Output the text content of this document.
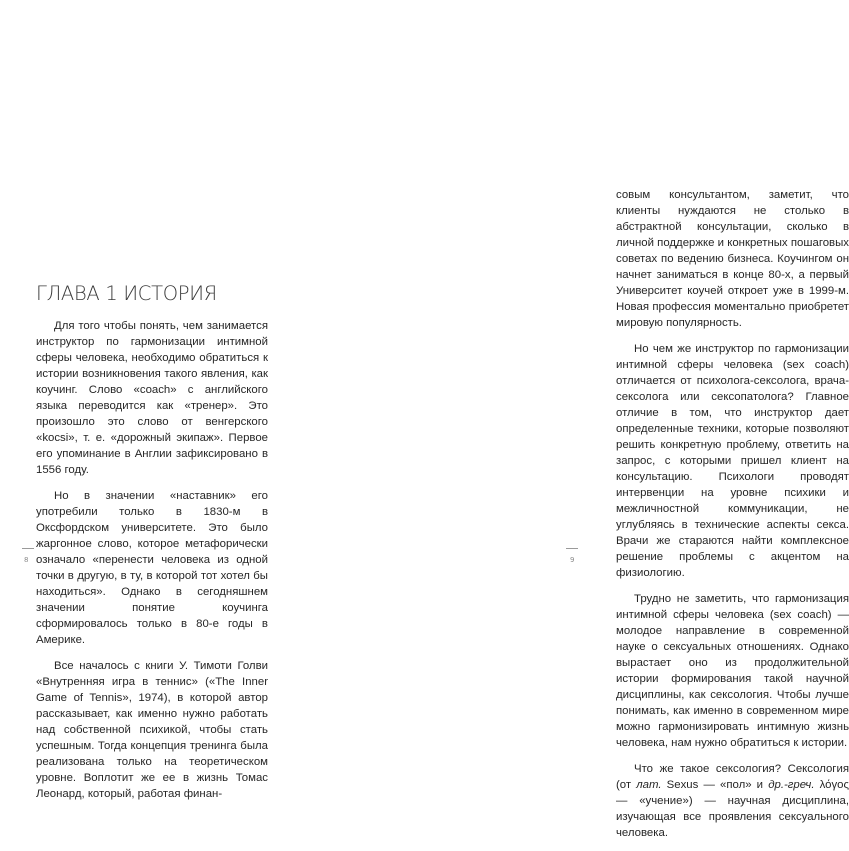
ГЛАВА 1 ИСТОРИЯ

Для того чтобы понять, чем занимается инструктор по гармонизации интимной сферы человека, необходимо обратиться к истории возникновения такого явления, как коучинг. Слово «coach» с английского языка переводится как «тренер». Это произошло это слово от венгерского «kocsi», т. е. «дорожный экипаж». Первое его упоминание в Англии зафиксировано в 1556 году.

Но в значении «наставник» его употребили только в 1830-м в Оксфордском университете. Это было жаргонное слово, которое метафорически означало «перенести человека из одной точки в другую, в ту, в которой тот хотел бы находиться». Однако в сегодняшнем значении понятие коучинга сформировалось только в 80-е годы в Америке.

Все началось с книги У. Тимоти Голви «Внутренняя игра в теннис» («The Inner Game of Tennis», 1974), в которой автор рассказывает, как именно нужно работать над собственной психикой, чтобы стать успешным. Тогда концепция тренинга была реализована только на теоретическом уровне. Воплотит же ее в жизнь Томас Леонард, который, работая финан-

8

совым консультантом, заметит, что клиенты нуждаются не столько в абстрактной консультации, сколько в личной поддержке и конкретных пошаговых советах по ведению бизнеса. Коучингом он начнет заниматься в конце 80-х, а первый Университет коучей откроет уже в 1999-м. Новая профессия моментально приобретет мировую популярность.

Но чем же инструктор по гармонизации интимной сферы человека (sex coach) отличается от психолога-сексолога, врача-сексолога или сексопатолога? Главное отличие в том, что инструктор дает определенные техники, которые позволяют решить конкретную проблему, ответить на запрос, с которыми пришел клиент на консультацию. Психологи проводят интервенции на уровне психики и межличностной коммуникации, не углубляясь в технические аспекты секса. Врачи же стараются найти комплексное решение проблемы с акцентом на физиологию.

Трудно не заметить, что гармонизация интимной сферы человека (sex coach) — молодое направление в современной науке о сексуальных отношениях. Однако вырастает оно из продолжительной истории формирования такой научной дисциплины, как сексология. Чтобы лучше понимать, как именно в современном мире можно гармонизировать интимную жизнь человека, нам нужно обратиться к истории.

Что же такое сексология? Сексология (от лат. Sexus — «пол» и др.-греч. λόγος — «учение») — научная дисциплина, изучающая все проявления сексуального человека.

9
